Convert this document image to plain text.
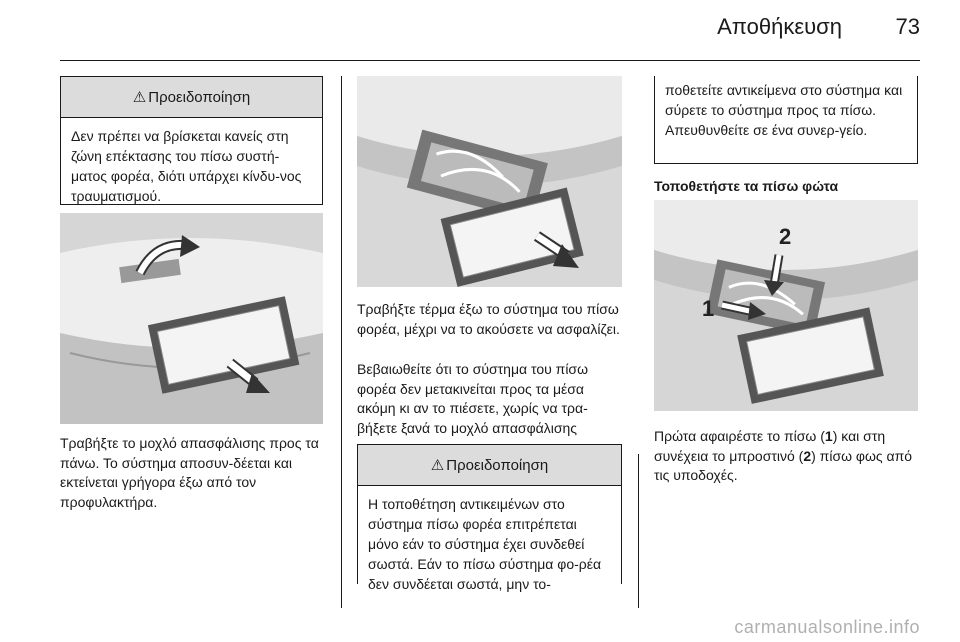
Αποθήκευση 73
⚠ Προειδοποίηση
Δεν πρέπει να βρίσκεται κανείς στη ζώνη επέκτασης του πίσω συστή-ματος φορέα, διότι υπάρχει κίνδυ-νος τραυματισμού.
Τραβήξτε το μοχλό απασφάλισης προς τα πάνω. Το σύστημα αποσυν-δέεται και εκτείνεται γρήγορα έξω από τον προφυλακτήρα.
Τραβήξτε τέρμα έξω το σύστημα του πίσω φορέα, μέχρι να το ακούσετε να ασφαλίζει.
Βεβαιωθείτε ότι το σύστημα του πίσω φορέα δεν μετακινείται προς τα μέσα ακόμη κι αν το πιέσετε, χωρίς να τρα-βήξετε ξανά το μοχλό απασφάλισης
⚠ Προειδοποίηση
Η τοποθέτηση αντικειμένων στο σύστημα πίσω φορέα επιτρέπεται μόνο εάν το σύστημα έχει συνδεθεί σωστά. Εάν το πίσω σύστημα φο-ρέα δεν συνδέεται σωστά, μην το-
ποθετείτε αντικείμενα στο σύστημα και σύρετε το σύστημα προς τα πίσω. Απευθυνθείτε σε ένα συνερ-γείο.
Τοποθετήστε τα πίσω φώτα
2
1
Πρώτα αφαιρέστε το πίσω (1) και στη συνέχεια το μπροστινό (2) πίσω φως από τις υποδοχές.
carmanualsonline.info
